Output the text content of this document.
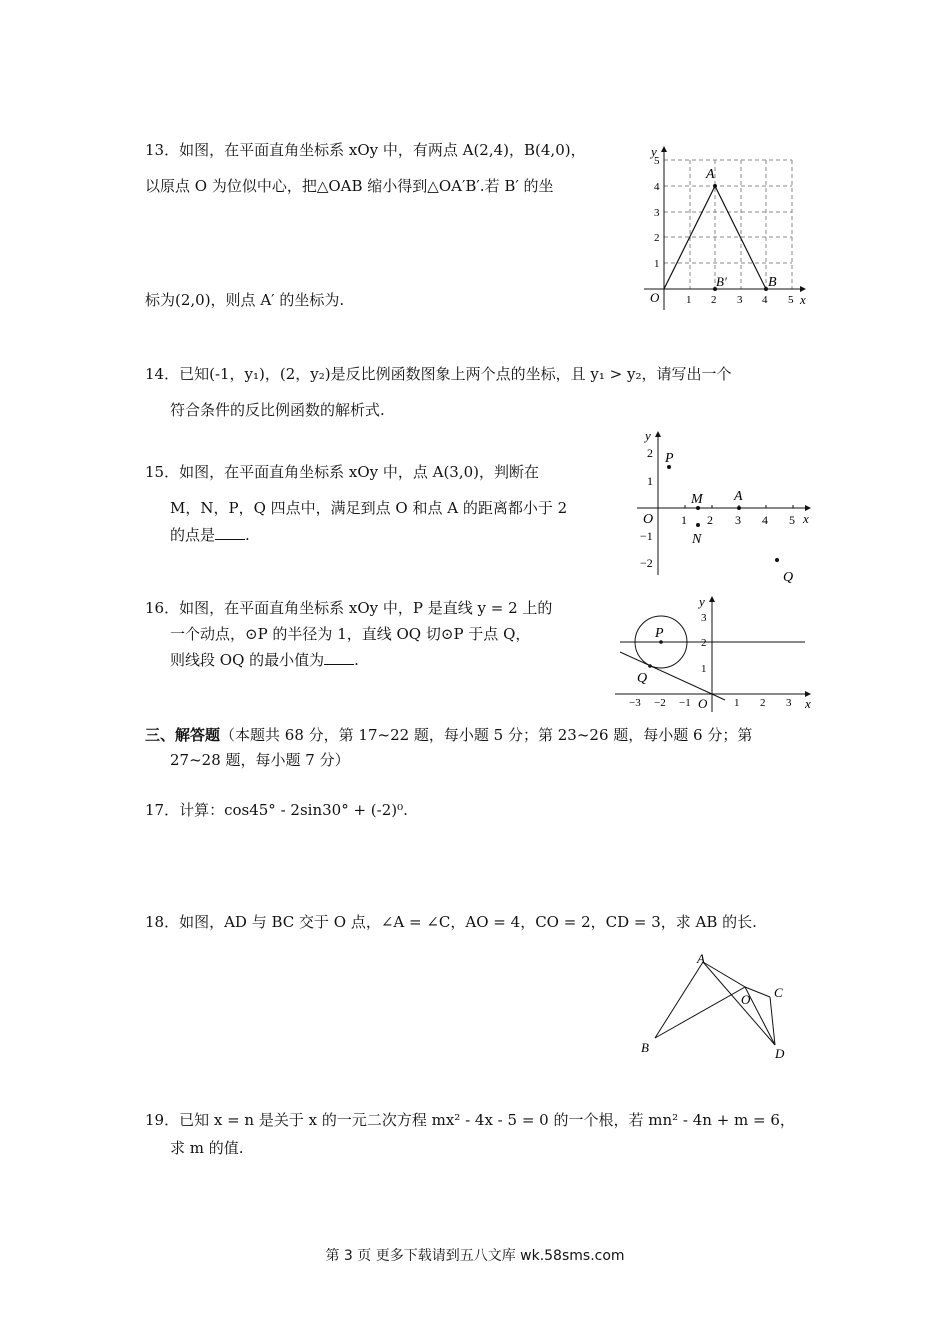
13．如图，在平面直角坐标系 xOy 中，有两点 A(2,4)，B(4,0)，
以原点 O 为位似中心，把△OAB 缩小得到△OA′B′.若 B′ 的坐
标为(2,0)，则点 A′ 的坐标为.
A
B
B′
O	x
y
1 2 3 4 5
1
2
3
4
5
14．已知(-1，y₁)，(2，y₂)是反比例函数图象上两个点的坐标，且 y₁ > y₂，请写出一个
符合条件的反比例函数的解析式.
15．如图，在平面直角坐标系 xOy 中，点 A(3,0)，判断在
M，N，P，Q 四点中，满足到点 O 和点 A 的距离都小于 2
的点是 .
y
x
O 1 2 3 4 5
2
1
−1
−2
P
M A
N
Q
16．如图，在平面直角坐标系 xOy 中，P 是直线 y = 2 上的
一个动点，⊙P 的半径为 1，直线 OQ 切⊙P 于点 Q，
则线段 OQ 的最小值为 .
P
Q
y
x
O
−3 −2 −1	1 2 3
3
2
1
三、解答题（本题共 68 分，第 17~22 题，每小题 5 分；第 23~26 题，每小题 6 分；第
27~28 题，每小题 7 分）
17．计算：cos45° - 2sin30° + (-2)⁰.
18．如图，AD 与 BC 交于 O 点，∠A = ∠C，AO = 4，CO = 2，CD = 3，求 AB 的长.
A
B
C
D
O
19．已知 x = n 是关于 x 的一元二次方程 mx² - 4x - 5 = 0 的一个根，若 mn² - 4n + m = 6，
求 m 的值.
第 3 页 更多下载请到五八文库 wk.58sms.com
